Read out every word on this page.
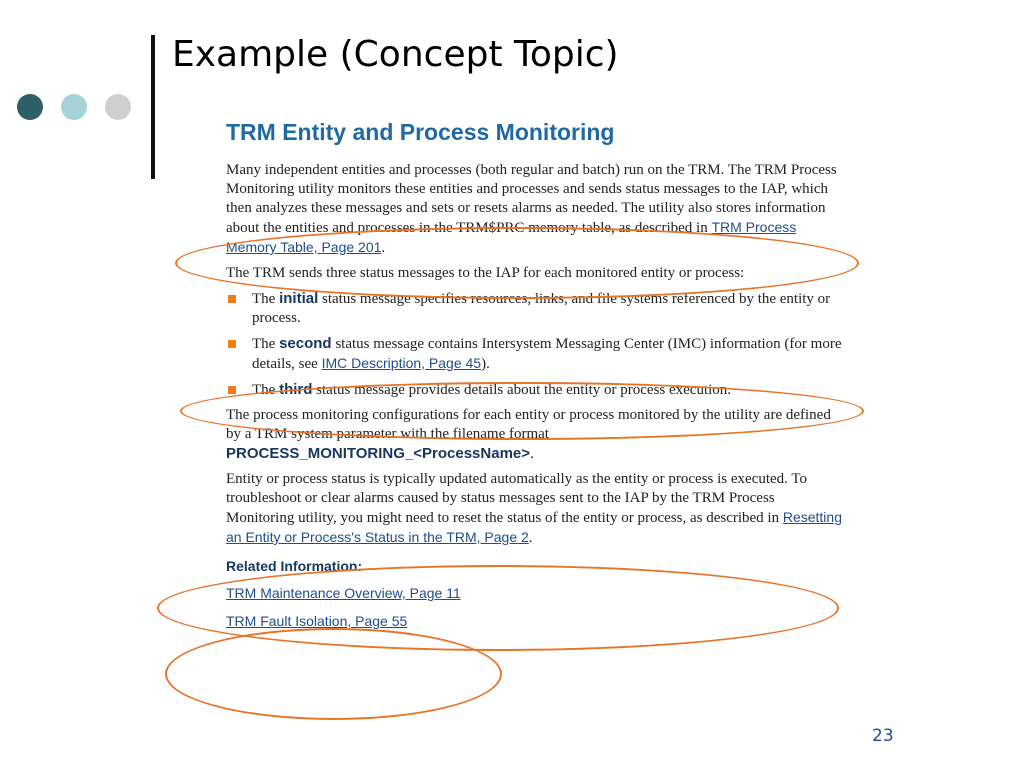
Example (Concept Topic)
TRM Entity and Process Monitoring

Many independent entities and processes (both regular and batch) run on the TRM. The TRM Process Monitoring utility monitors these entities and processes and sends status messages to the IAP, which then analyzes these messages and sets or resets alarms as needed. The utility also stores information about the entities and processes in the TRM$PRC memory table, as described in TRM Process Memory Table, Page 201.

The TRM sends three status messages to the IAP for each monitored entity or process:

The initial status message specifies resources, links, and file systems referenced by the entity or process.
The second status message contains Intersystem Messaging Center (IMC) information (for more details, see IMC Description, Page 45).
The third status message provides details about the entity or process execution.

The process monitoring configurations for each entity or process monitored by the utility are defined by a TRM system parameter with the filename format PROCESS_MONITORING_<ProcessName>.

Entity or process status is typically updated automatically as the entity or process is executed. To troubleshoot or clear alarms caused by status messages sent to the IAP by the TRM Process Monitoring utility, you might need to reset the status of the entity or process, as described in Resetting an Entity or Process's Status in the TRM, Page 2.

Related Information:
TRM Maintenance Overview, Page 11
TRM Fault Isolation, Page 55
23
